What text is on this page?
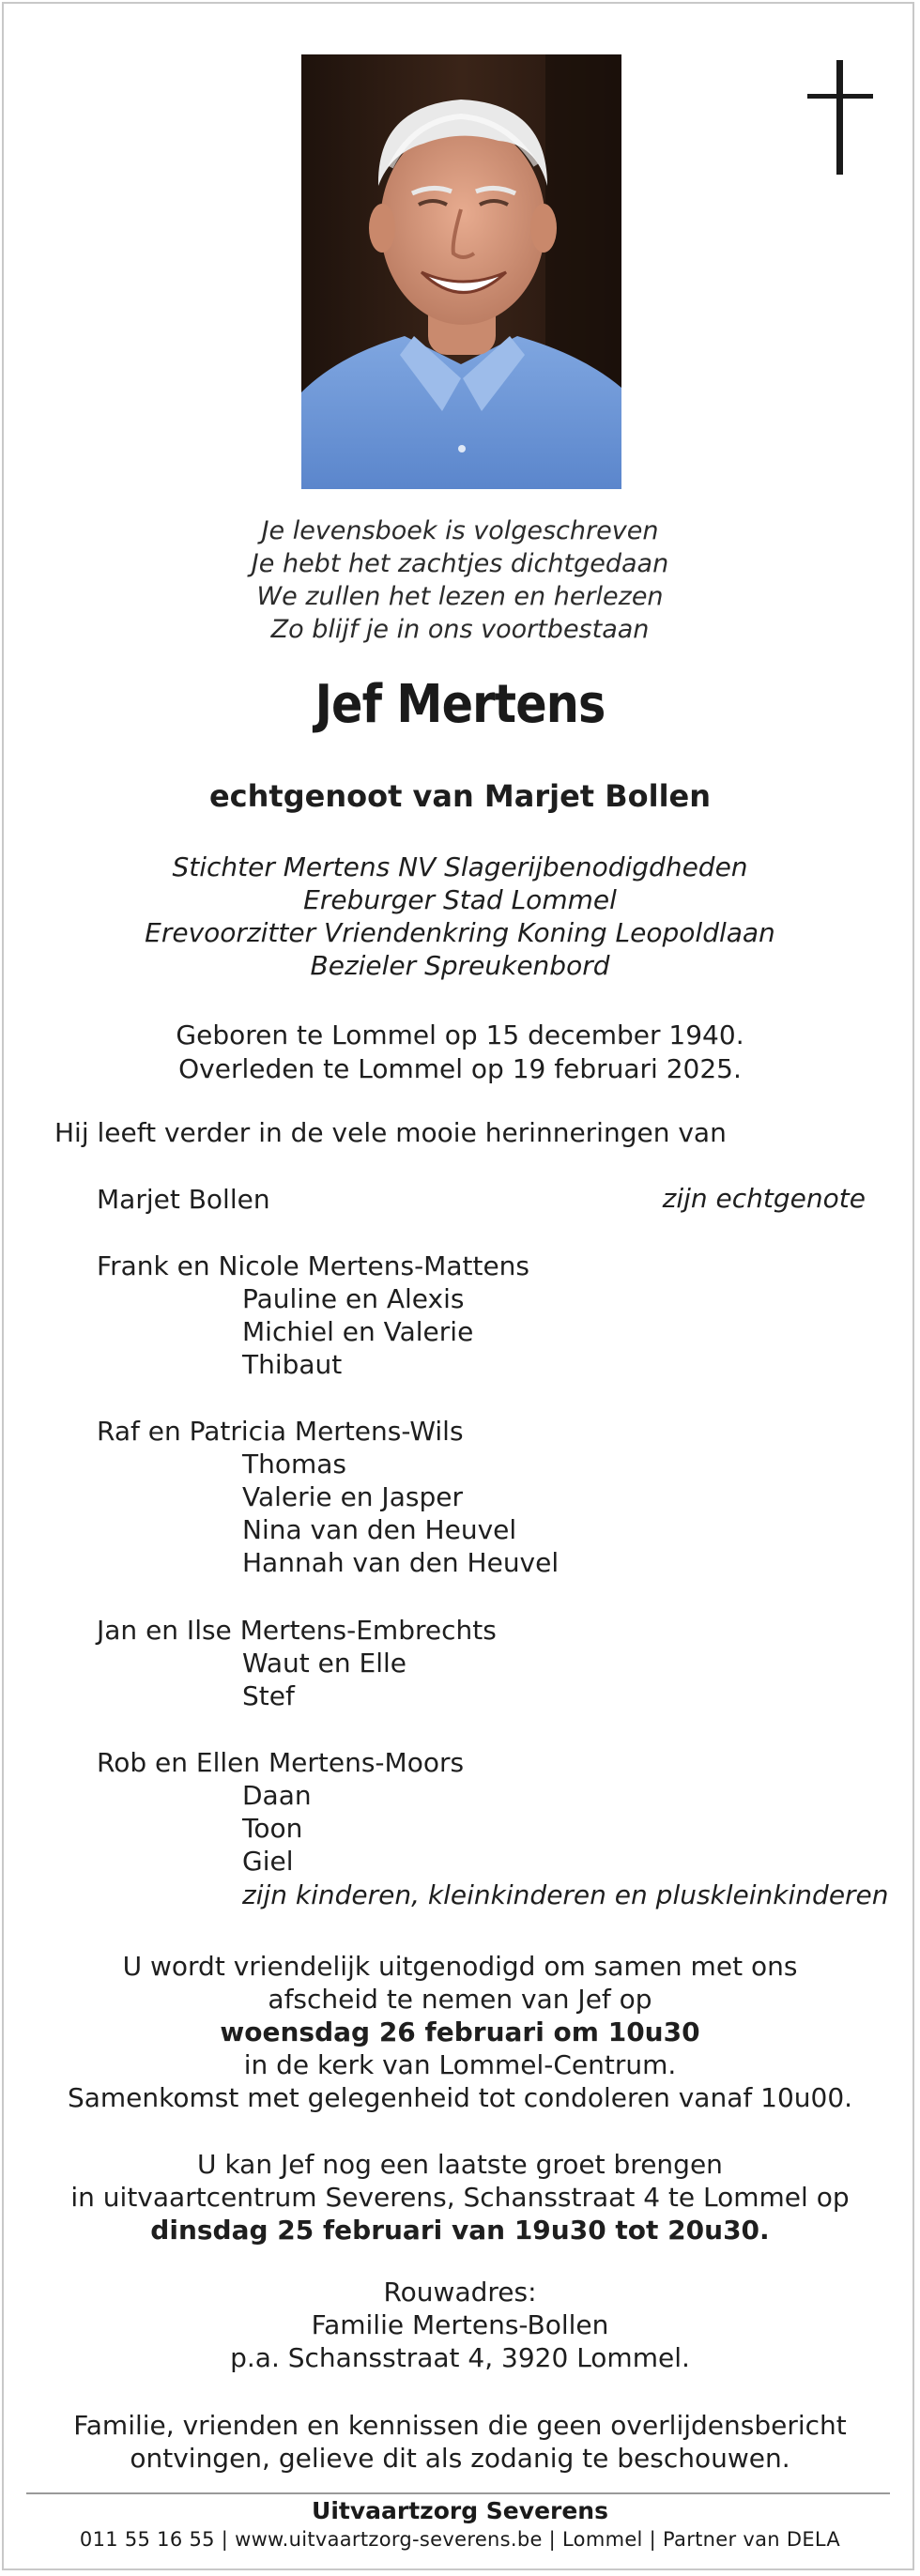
Je levensboek is volgeschreven
Je hebt het zachtjes dichtgedaan
We zullen het lezen en herlezen
Zo blijf je in ons voortbestaan
Jef Mertens
echtgenoot van Marjet Bollen
Stichter Mertens NV Slagerijbenodigdheden
Ereburger Stad Lommel
Erevoorzitter Vriendenkring Koning Leopoldlaan
Bezieler Spreukenbord
Geboren te Lommel op 15 december 1940.
Overleden te Lommel op 19 februari 2025.
Hij leeft verder in de vele mooie herinneringen van
Marjet Bollen	zijn echtgenote
Frank en Nicole Mertens-Mattens
Pauline en Alexis
Michiel en Valerie
Thibaut
Raf en Patricia Mertens-Wils
Thomas
Valerie en Jasper
Nina van den Heuvel
Hannah van den Heuvel
Jan en Ilse Mertens-Embrechts
Waut en Elle
Stef
Rob en Ellen Mertens-Moors
Daan
Toon
Giel
zijn kinderen, kleinkinderen en pluskleinkinderen
U wordt vriendelijk uitgenodigd om samen met ons
afscheid te nemen van Jef op
woensdag 26 februari om 10u30
in de kerk van Lommel-Centrum.
Samenkomst met gelegenheid tot condoleren vanaf 10u00.
U kan Jef nog een laatste groet brengen
in uitvaartcentrum Severens, Schansstraat 4 te Lommel op
dinsdag 25 februari van 19u30 tot 20u30.
Rouwadres:
Familie Mertens-Bollen
p.a. Schansstraat 4, 3920 Lommel.
Familie, vrienden en kennissen die geen overlijdensbericht
ontvingen, gelieve dit als zodanig te beschouwen.
Uitvaartzorg Severens
011 55 16 55 | www.uitvaartzorg-severens.be | Lommel | Partner van DELA
